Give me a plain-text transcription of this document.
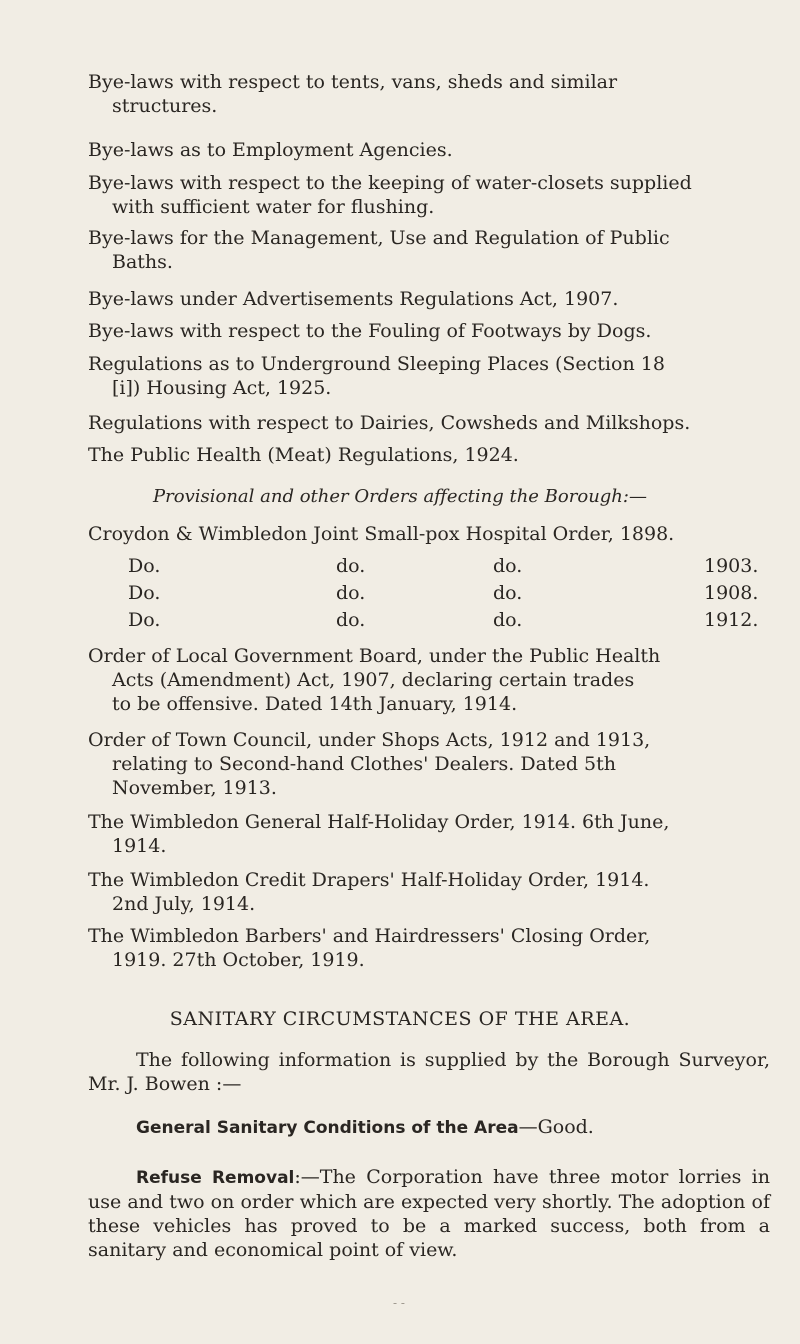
Bye-laws with respect to tents, vans, sheds and similar
structures.
Bye-laws as to Employment Agencies.
Bye-laws with respect to the keeping of water-closets supplied
with sufficient water for flushing.
Bye-laws for the Management, Use and Regulation of Public
Baths.
Bye-laws under Advertisements Regulations Act, 1907.
Bye-laws with respect to the Fouling of Footways by Dogs.
Regulations as to Underground Sleeping Places (Section 18
[i]) Housing Act, 1925.
Regulations with respect to Dairies, Cowsheds and Milkshops.
The Public Health (Meat) Regulations, 1924.
Provisional and other Orders affecting the Borough:—
Croydon & Wimbledon Joint Small-pox Hospital Order, 1898.
Do.	do.	do.	1903.
Do.	do.	do.	1908.
Do.	do.	do.	1912.
Order of Local Government Board, under the Public Health
Acts (Amendment) Act, 1907, declaring certain trades
to be offensive. Dated 14th January, 1914.
Order of Town Council, under Shops Acts, 1912 and 1913,
relating to Second-hand Clothes' Dealers. Dated 5th
November, 1913.
The Wimbledon General Half-Holiday Order, 1914. 6th June,
1914.
The Wimbledon Credit Drapers' Half-Holiday Order, 1914.
2nd July, 1914.
The Wimbledon Barbers' and Hairdressers' Closing Order,
1919. 27th October, 1919.
SANITARY CIRCUMSTANCES OF THE AREA.
The following information is supplied by the Borough Surveyor, Mr. J. Bowen :—
General Sanitary Conditions of the Area—Good.
Refuse Removal:—The Corporation have three motor lorries in use and two on order which are expected very shortly. The adoption of these vehicles has proved to be a marked success, both from a sanitary and economical point of view.
- -
